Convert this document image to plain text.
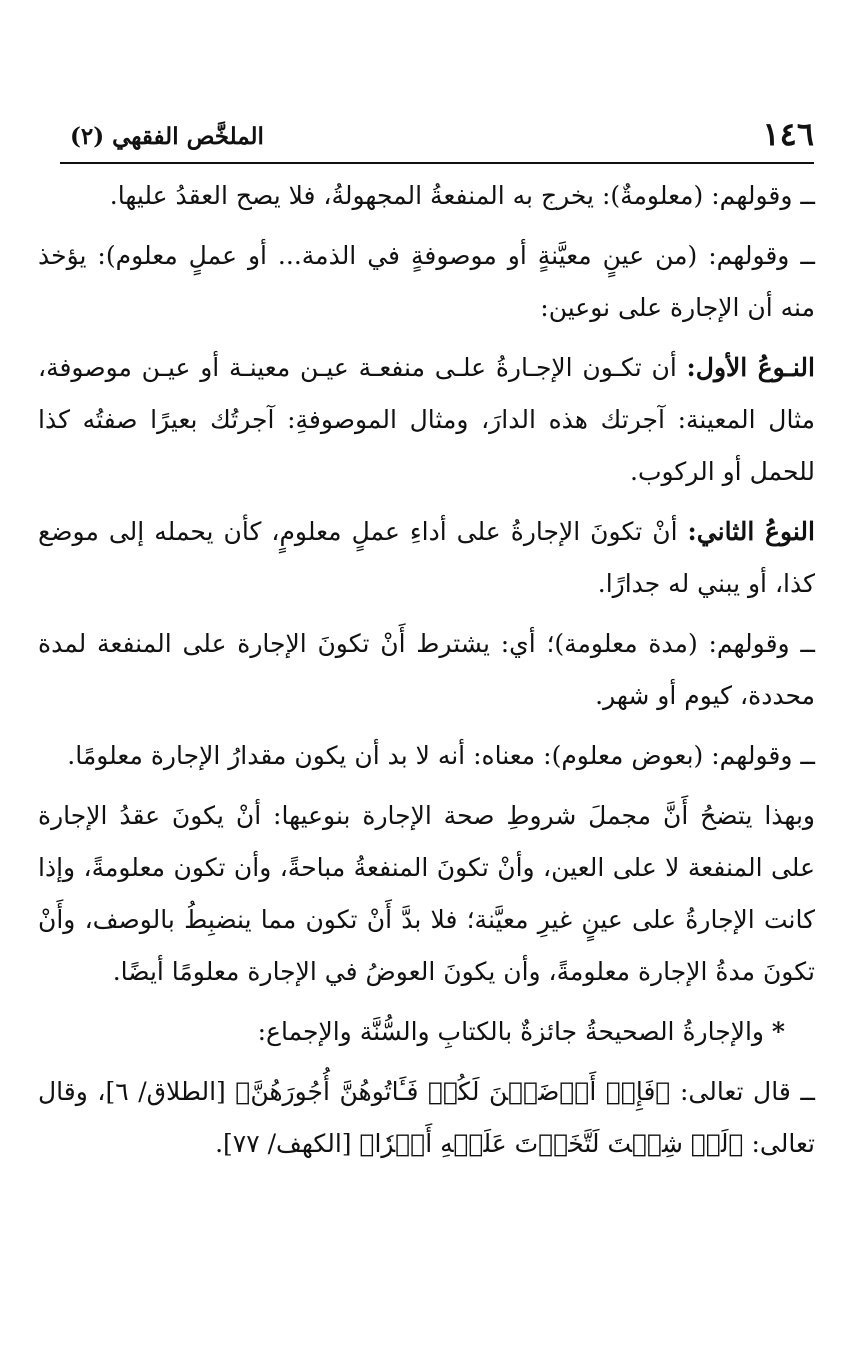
١٤٦
الملخَّص الفقهي (٢)

ــ وقولهم: (معلومةٌ): يخرج به المنفعةُ المجهولةُ، فلا يصح العقدُ عليها.

ــ وقولهم: (من عينٍ معيَّنةٍ أو موصوفةٍ في الذمة... أو عملٍ معلوم): يؤخذ منه أن الإجارة على نوعين:

النـوعُ الأول: أن تكـون الإجـارةُ علـى منفعـة عيـن معينـة أو عيـن موصوفة، مثال المعينة: آجرتك هذه الدارَ، ومثال الموصوفةِ: آجرتُك بعيرًا صفتُه كذا للحمل أو الركوب.

النوعُ الثاني: أنْ تكونَ الإجارةُ على أداءِ عملٍ معلومٍ، كأن يحمله إلى موضع كذا، أو يبني له جدارًا.

ــ وقولهم: (مدة معلومة)؛ أي: يشترط أَنْ تكونَ الإجارة على المنفعة لمدة محددة، كيوم أو شهر.

ــ وقولهم: (بعوض معلوم): معناه: أنه لا بد أن يكون مقدارُ الإجارة معلومًا.

وبهذا يتضحُ أَنَّ مجملَ شروطِ صحة الإجارة بنوعيها: أنْ يكونَ عقدُ الإجارة على المنفعة لا على العين، وأنْ تكونَ المنفعةُ مباحةً، وأن تكون معلومةً، وإذا كانت الإجارةُ على عينٍ غيرِ معيَّنة؛ فلا بدَّ أَنْ تكون مما ينضبِطُ بالوصف، وأَنْ تكونَ مدةُ الإجارة معلومةً، وأن يكونَ العوضُ في الإجارة معلومًا أيضًا.

* والإجارةُ الصحيحةُ جائزةٌ بالكتابِ والسُّنَّة والإجماع:

ــ قال تعالى: ﴿فَإِنۡ أَرۡضَعۡنَ لَكُمۡ فَـَٔاتُوهُنَّ أُجُورَهُنَّ﴾ [الطلاق/ ٦]، وقال تعالى: ﴿لَوۡ شِئۡتَ لَتَّخَذۡتَ عَلَيۡهِ أَجۡرٗا﴾ [الكهف/ ٧٧].
